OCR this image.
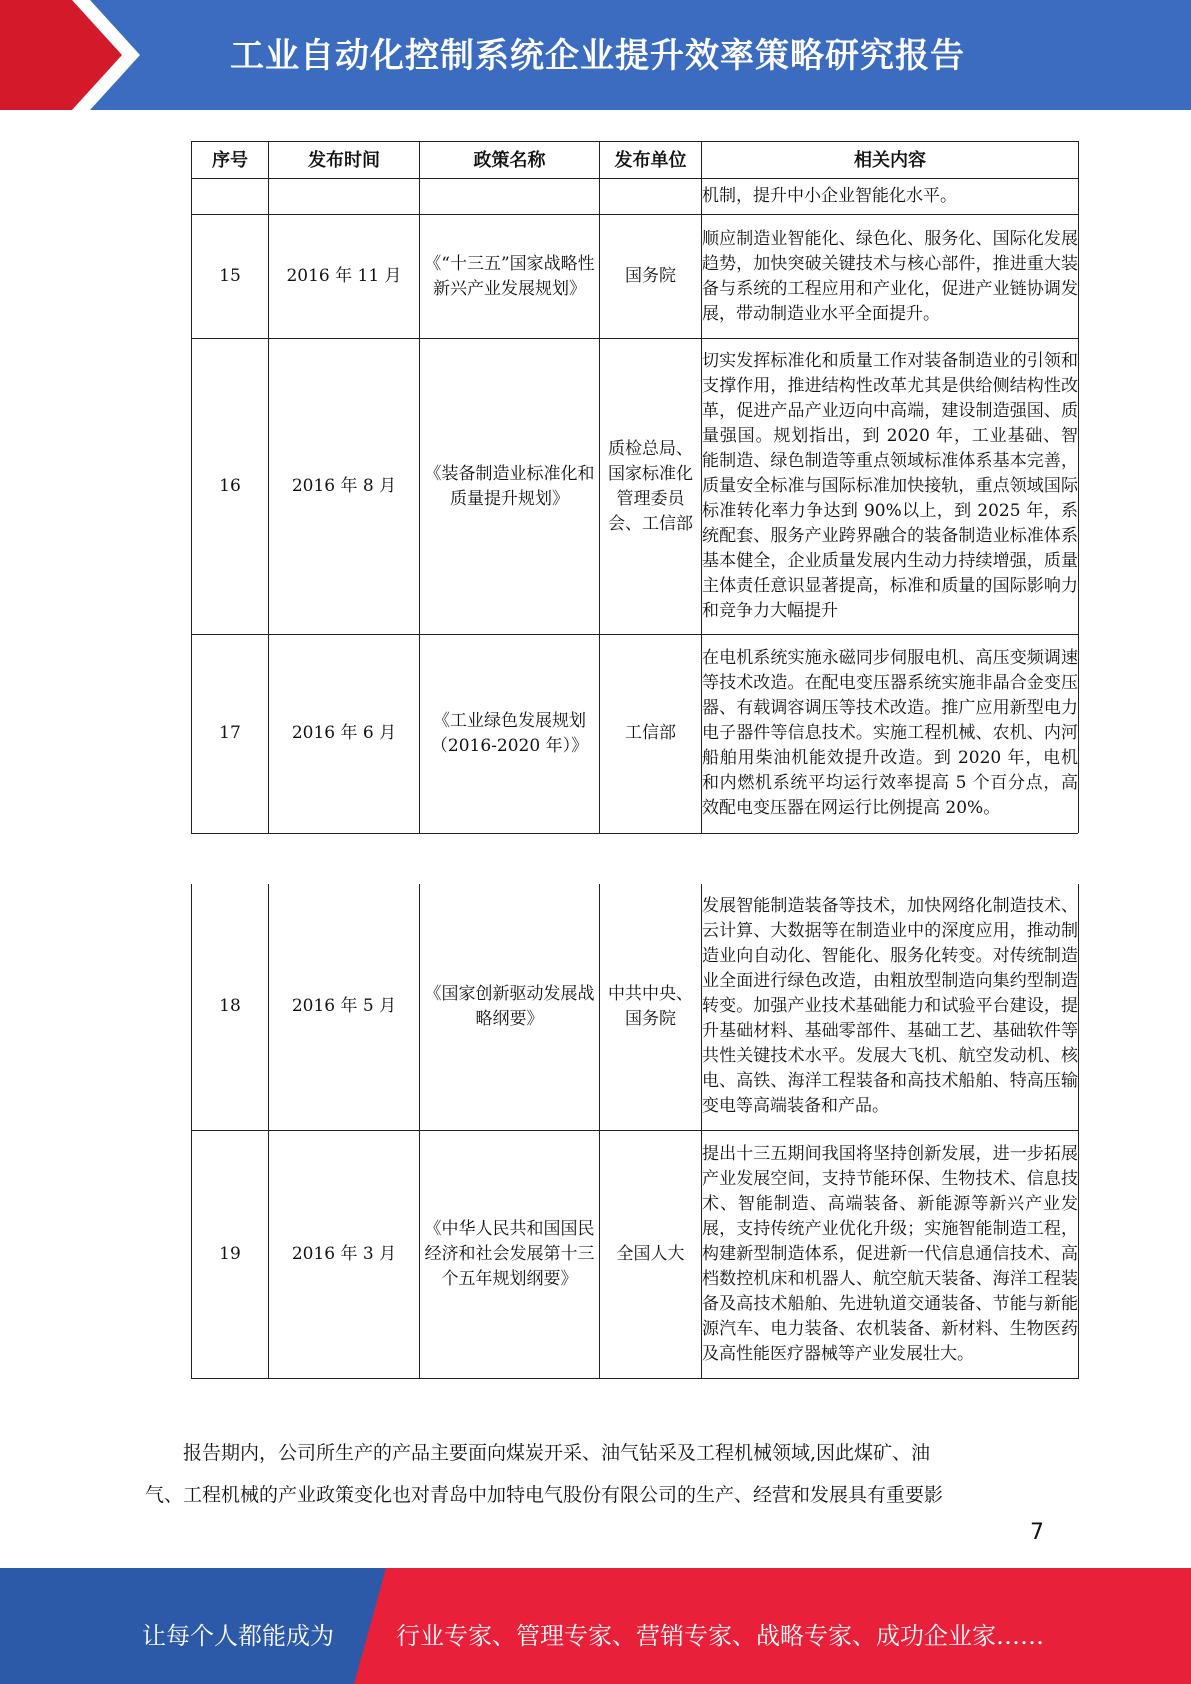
工业自动化控制系统企业提升效率策略研究报告
序号	发布时间	政策名称	发布单位	相关内容
				机制，提升中小企业智能化水平。
15	2016 年 11 月	《“十三五”国家战略性新兴产业发展规划》	国务院	顺应制造业智能化、绿色化、服务化、国际化发展趋势，加快突破关键技术与核心部件，推进重大装备与系统的工程应用和产业化，促进产业链协调发展，带动制造业水平全面提升。
16	2016 年 8 月	《装备制造业标准化和质量提升规划》	质检总局、国家标准化管理委员会、工信部	切实发挥标准化和质量工作对装备制造业的引领和支撑作用，推进结构性改革尤其是供给侧结构性改革，促进产品产业迈向中高端，建设制造强国、质量强国。规划指出，到 2020 年，工业基础、智能制造、绿色制造等重点领域标准体系基本完善，质量安全标准与国际标准加快接轨，重点领域国际标准转化率力争达到 90%以上，到 2025 年，系统配套、服务产业跨界融合的装备制造业标准体系基本健全，企业质量发展内生动力持续增强，质量主体责任意识显著提高，标准和质量的国际影响力和竞争力大幅提升
17	2016 年 6 月	《工业绿色发展规划（2016-2020 年）》	工信部	在电机系统实施永磁同步伺服电机、高压变频调速等技术改造。在配电变压器系统实施非晶合金变压器、有载调容调压等技术改造。推广应用新型电力电子器件等信息技术。实施工程机械、农机、内河船舶用柴油机能效提升改造。到 2020 年，电机和内燃机系统平均运行效率提高 5 个百分点，高效配电变压器在网运行比例提高 20%。
18	2016 年 5 月	《国家创新驱动发展战略纲要》	中共中央、国务院	发展智能制造装备等技术，加快网络化制造技术、云计算、大数据等在制造业中的深度应用，推动制造业向自动化、智能化、服务化转变。对传统制造业全面进行绿色改造，由粗放型制造向集约型制造转变。加强产业技术基础能力和试验平台建设，提升基础材料、基础零部件、基础工艺、基础软件等共性关键技术水平。发展大飞机、航空发动机、核电、高铁、海洋工程装备和高技术船舶、特高压输变电等高端装备和产品。
19	2016 年 3 月	《中华人民共和国国民经济和社会发展第十三个五年规划纲要》	全国人大	提出十三五期间我国将坚持创新发展，进一步拓展产业发展空间，支持节能环保、生物技术、信息技术、智能制造、高端装备、新能源等新兴产业发展，支持传统产业优化升级；实施智能制造工程，构建新型制造体系，促进新一代信息通信技术、高档数控机床和机器人、航空航天装备、海洋工程装备及高技术船舶、先进轨道交通装备、节能与新能源汽车、电力装备、农机装备、新材料、生物医药及高性能医疗器械等产业发展壮大。
报告期内，公司所生产的产品主要面向煤炭开采、油气钻采及工程机械领域,因此煤矿、油
气、工程机械的产业政策变化也对青岛中加特电气股份有限公司的生产、经营和发展具有重要影
7
让每个人都能成为	行业专家、管理专家、营销专家、战略专家、成功企业家……
